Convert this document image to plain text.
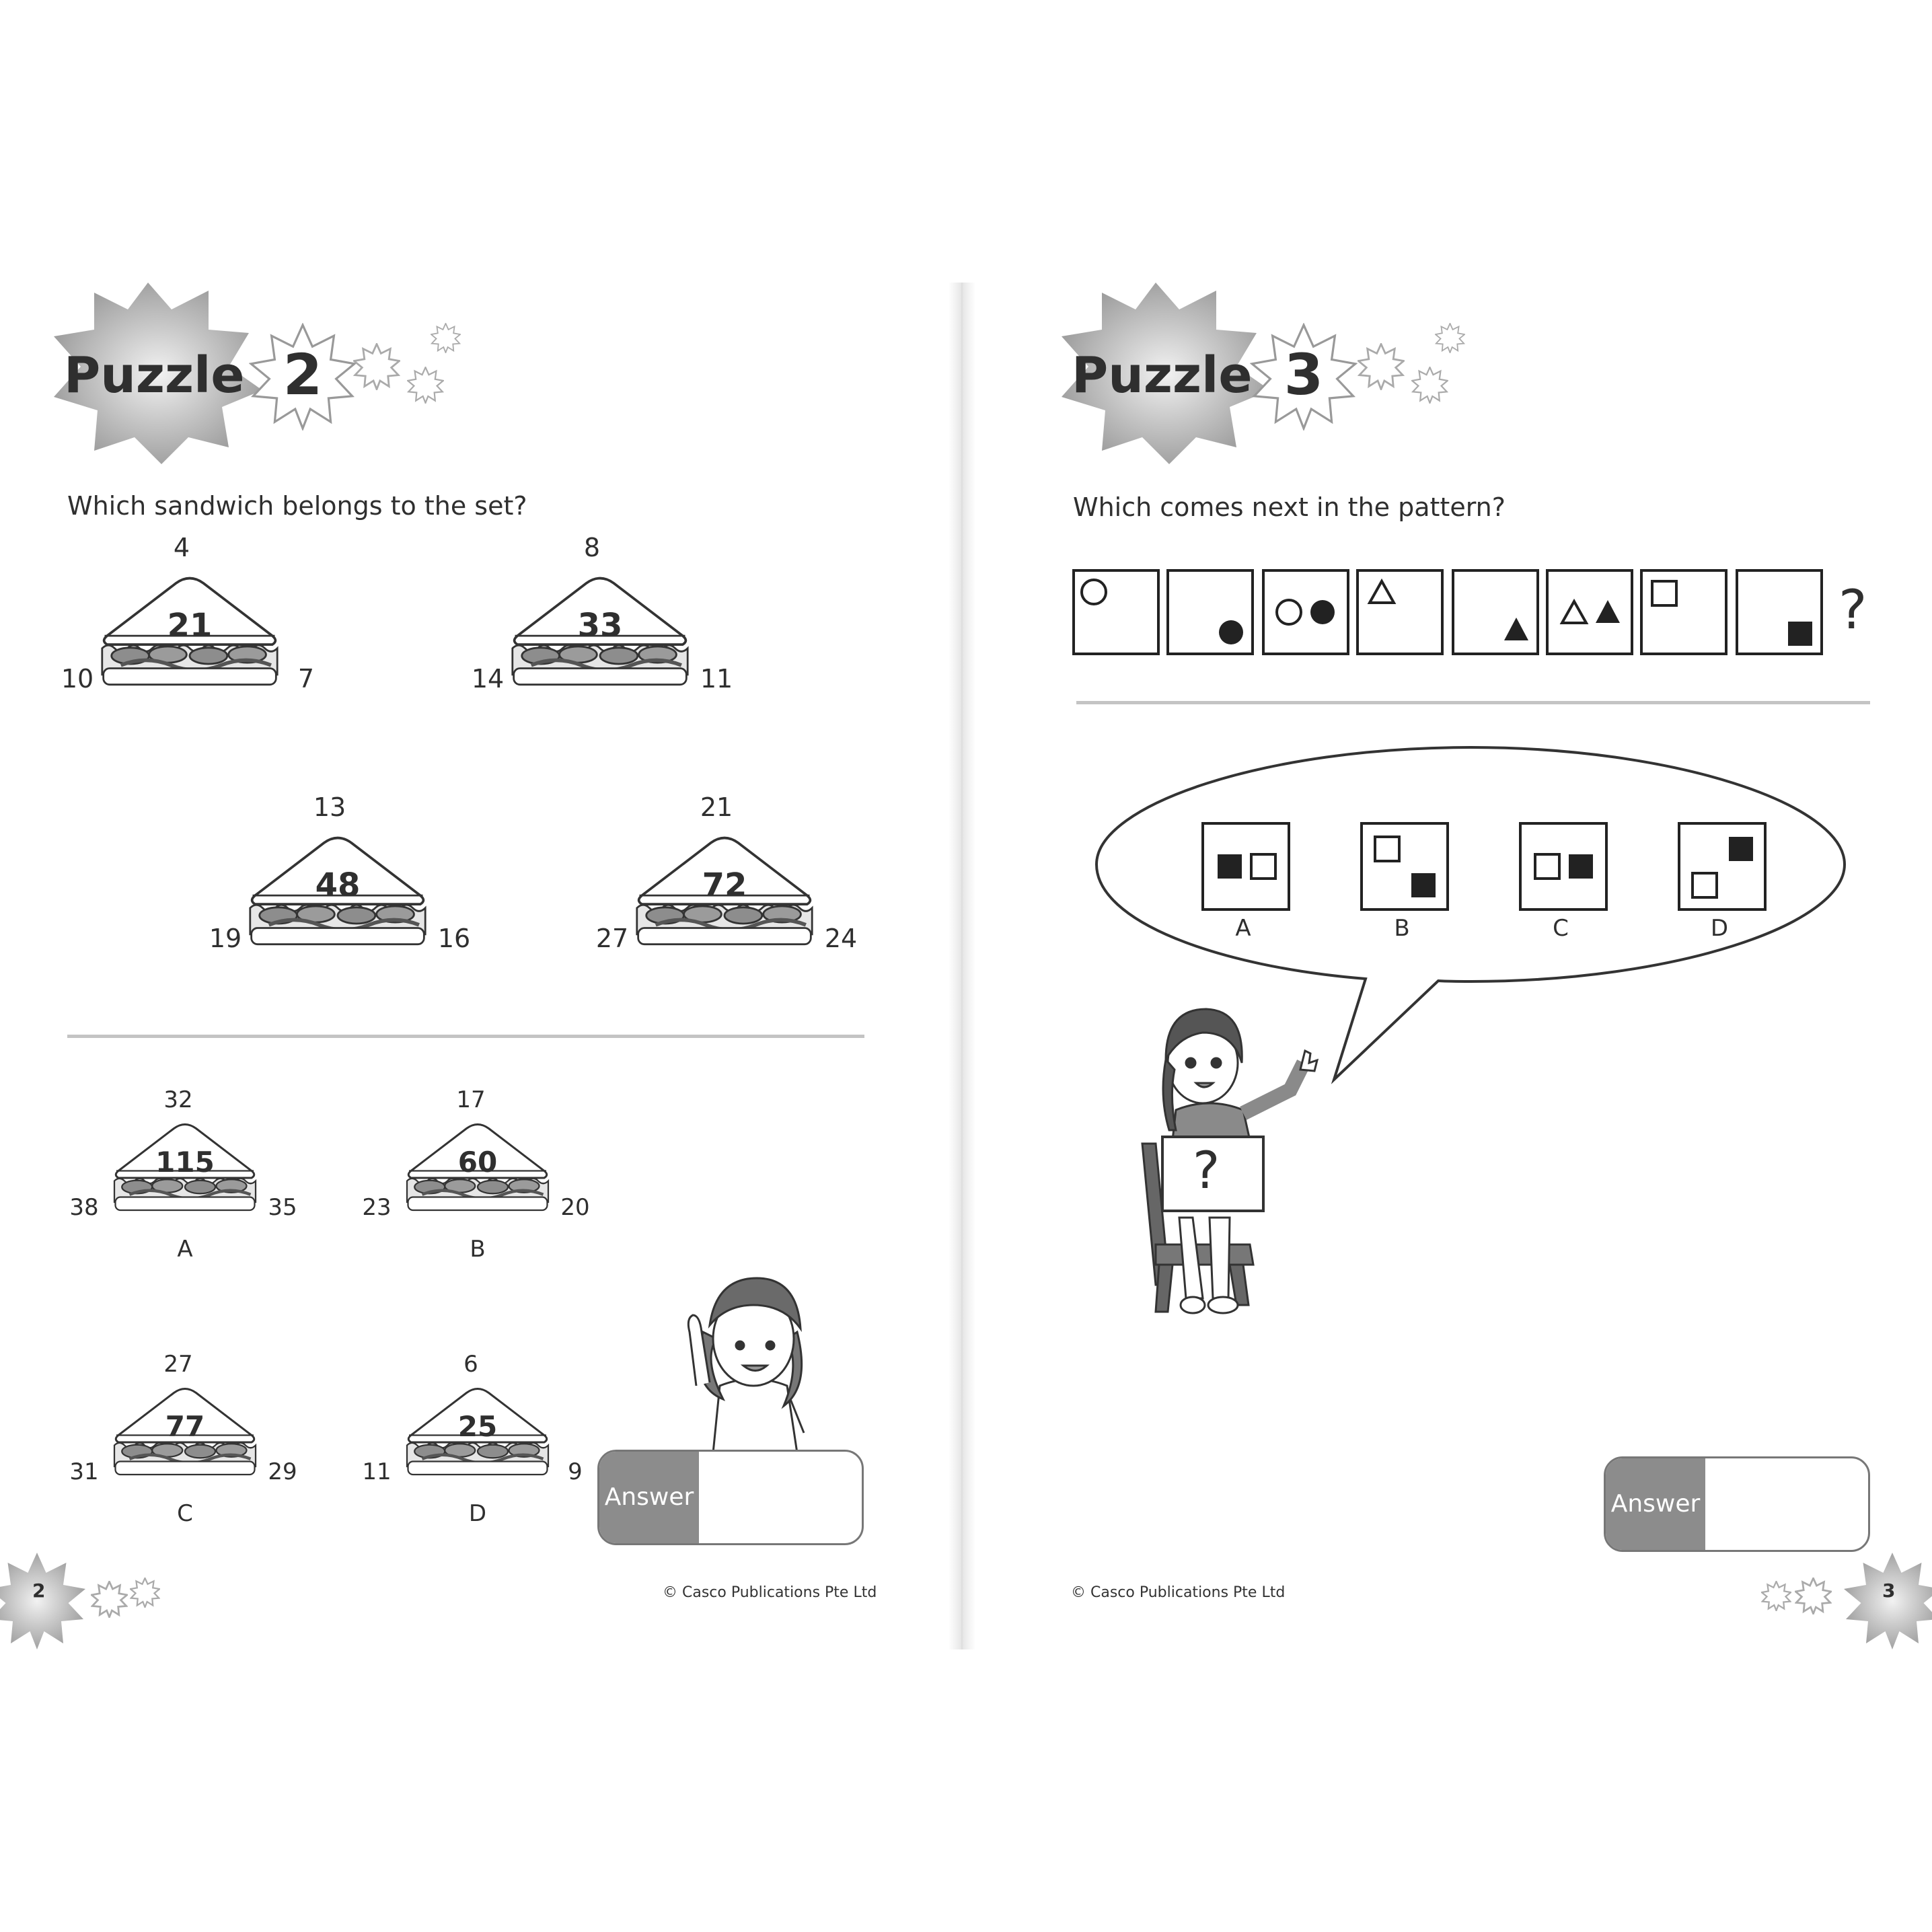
Puzzle 2
Which sandwich belongs to the set?
4
21
10	7
8
33
14	11
13
48
19	16
21
72
27	24
32
115
38	35
A
17
60
23	20
B
27
77
31	29
C
6
25
11	9
D
Answer
© Casco Publications Pte Ltd
2
Puzzle 3
Which comes next in the pattern?
?
A	B	C	D
?
Answer
© Casco Publications Pte Ltd	3
